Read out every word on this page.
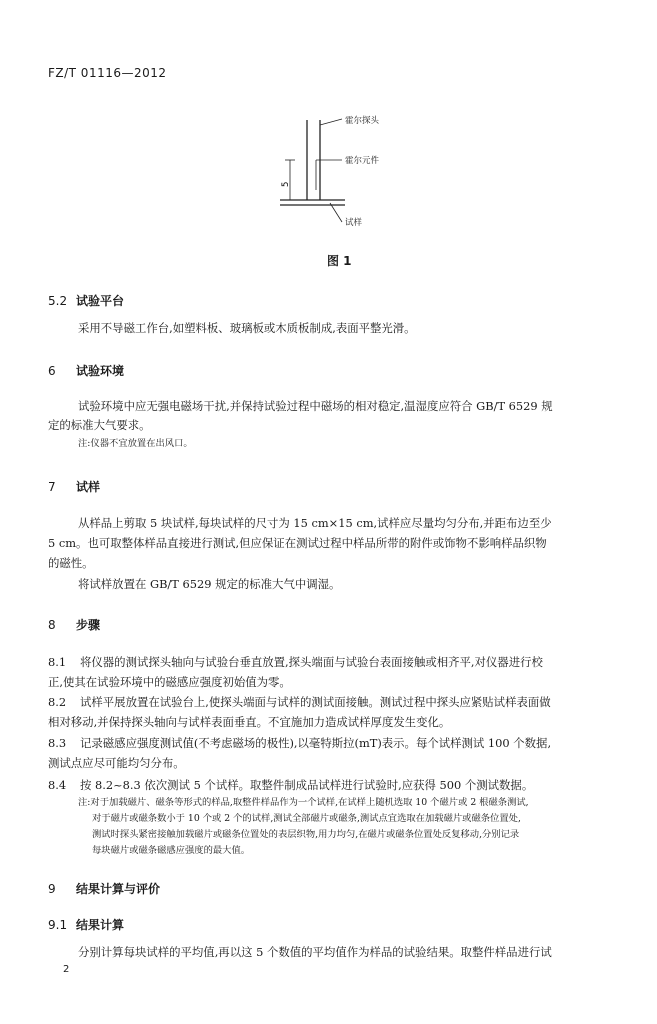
FZ/T 01116—2012
5
霍尔探头
霍尔元件
试样
图 1
5.2 试验平台
采用不导磁工作台,如塑料板、玻璃板或木质板制成,表面平整光滑。
6 试验环境
试验环境中应无强电磁场干扰,并保持试验过程中磁场的相对稳定,温湿度应符合 GB/T 6529 规
定的标准大气要求。
注:仪器不宜放置在出风口。
7 试样
从样品上剪取 5 块试样,每块试样的尺寸为 15 cm×15 cm,试样应尽量均匀分布,并距布边至少
5 cm。也可取整体样品直接进行测试,但应保证在测试过程中样品所带的附件或饰物不影响样品织物
的磁性。
将试样放置在 GB/T 6529 规定的标准大气中调湿。
8 步骤
8.1 将仪器的测试探头轴向与试验台垂直放置,探头端面与试验台表面接触或相齐平,对仪器进行校
正,使其在试验环境中的磁感应强度初始值为零。
8.2 试样平展放置在试验台上,使探头端面与试样的测试面接触。测试过程中探头应紧贴试样表面做
相对移动,并保持探头轴向与试样表面垂直。不宜施加力造成试样厚度发生变化。
8.3 记录磁感应强度测试值(不考虑磁场的极性),以毫特斯拉(mT)表示。每个试样测试 100 个数据,
测试点应尽可能均匀分布。
8.4 按 8.2~8.3 依次测试 5 个试样。取整件制成品试样进行试验时,应获得 500 个测试数据。
注:对于加载磁片、磁条等形式的样品,取整件样品作为一个试样,在试样上随机选取 10 个磁片或 2 根磁条测试,
对于磁片或磁条数小于 10 个或 2 个的试样,测试全部磁片或磁条,测试点宜选取在加载磁片或磁条位置处,
测试时探头紧密接触加载磁片或磁条位置处的表层织物,用力均匀,在磁片或磁条位置处反复移动,分别记录
每块磁片或磁条磁感应强度的最大值。
9 结果计算与评价
9.1 结果计算
分别计算每块试样的平均值,再以这 5 个数值的平均值作为样品的试验结果。取整件样品进行试
2
